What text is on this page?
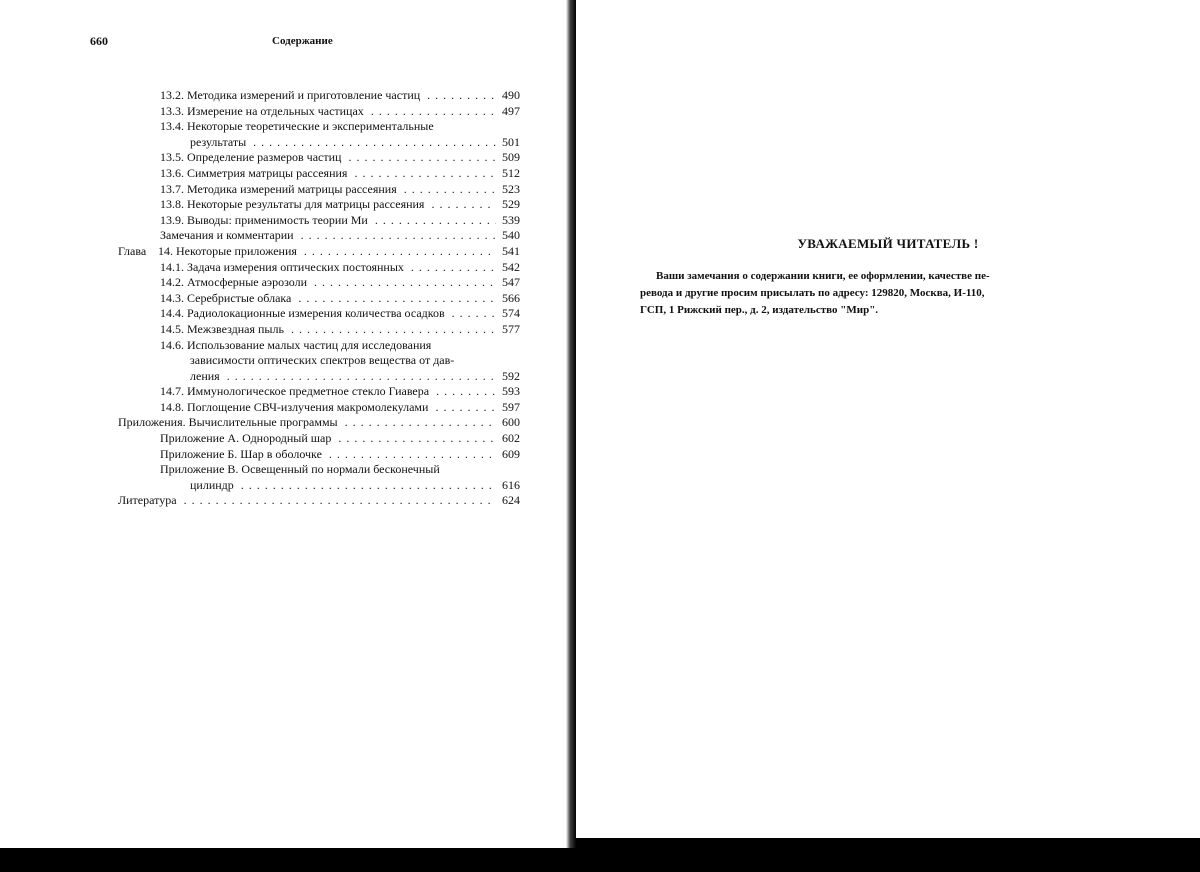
660	Содержание
13.2. Методика измерений и приготовление частиц . . .	490
13.3. Измерение на отдельных частицах . . .	497
13.4. Некоторые теоретические и экспериментальные
результаты . . .	501
13.5. Определение размеров частиц . . .	509
13.6. Симметрия матрицы рассеяния . . .	512
13.7. Методика измерений матрицы рассеяния . . .	523
13.8. Некоторые результаты для матрицы рассеяния . . .	529
13.9. Выводы: применимость теории Ми . . .	539
Замечания и комментарии . . .	540
Глава 14. Некоторые приложения . . .	541
14.1. Задача измерения оптических постоянных . . .	542
14.2. Атмосферные аэрозоли . . .	547
14.3. Серебристые облака . . .	566
14.4. Радиолокационные измерения количества осадков . . .	574
14.5. Межзвездная пыль . . .	577
14.6. Использование малых частиц для исследования
зависимости оптических спектров вещества от дав-
ления . . .	592
14.7. Иммунологическое предметное стекло Гиавера . . .	593
14.8. Поглощение СВЧ-излучения макромолекулами . . .	597
Приложения. Вычислительные программы . . .	600
Приложение А. Однородный шар . . .	602
Приложение Б. Шар в оболочке . . .	609
Приложение В. Освещенный по нормали бесконечный
цилиндр . . .	616
Литература . . .	624
УВАЖАЕМЫЙ ЧИТАТЕЛЬ !
Ваши замечания о содержании книги, ее оформлении, качестве пе-
ревода и другие просим присылать по адресу: 129820, Москва, И-110,
ГСП, 1 Рижский пер., д. 2, издательство "Мир".
